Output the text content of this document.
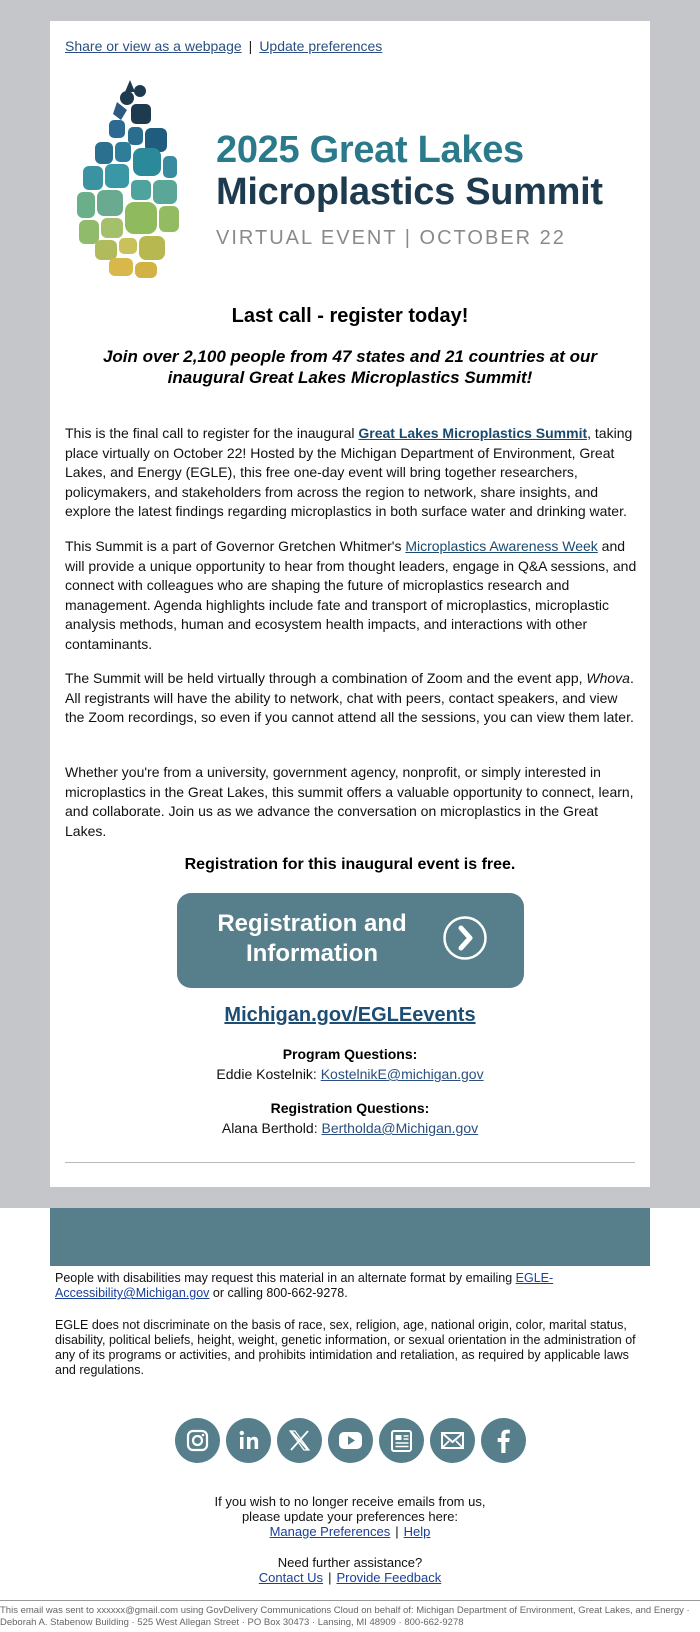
Share or view as a webpage | Update preferences
2025 Great Lakes
Microplastics Summit
VIRTUAL EVENT | OCTOBER 22
Last call - register today!
Join over 2,100 people from 47 states and 21 countries at our inaugural Great Lakes Microplastics Summit!

This is the final call to register for the inaugural Great Lakes Microplastics Summit, taking place virtually on October 22! Hosted by the Michigan Department of Environment, Great Lakes, and Energy (EGLE), this free one-day event will bring together researchers, policymakers, and stakeholders from across the region to network, share insights, and explore the latest findings regarding microplastics in both surface water and drinking water.

This Summit is a part of Governor Gretchen Whitmer's Microplastics Awareness Week and will provide a unique opportunity to hear from thought leaders, engage in Q&A sessions, and connect with colleagues who are shaping the future of microplastics research and management. Agenda highlights include fate and transport of microplastics, microplastic analysis methods, human and ecosystem health impacts, and interactions with other contaminants.

The Summit will be held virtually through a combination of Zoom and the event app, Whova. All registrants will have the ability to network, chat with peers, contact speakers, and view the Zoom recordings, so even if you cannot attend all the sessions, you can view them later.

Whether you're from a university, government agency, nonprofit, or simply interested in microplastics in the Great Lakes, this summit offers a valuable opportunity to connect, learn, and collaborate. Join us as we advance the conversation on microplastics in the Great Lakes.

Registration for this inaugural event is free.
Registration and
Information
Michigan.gov/EGLEevents
Program Questions:
Eddie Kostelnik: KostelnikE@michigan.gov
Registration Questions:
Alana Berthold: Bertholda@Michigan.gov

People with disabilities may request this material in an alternate format by emailing EGLE-Accessibility@Michigan.gov or calling 800-662-9278.

EGLE does not discriminate on the basis of race, sex, religion, age, national origin, color, marital status, disability, political beliefs, height, weight, genetic information, or sexual orientation in the administration of any of its programs or activities, and prohibits intimidation and retaliation, as required by applicable laws and regulations.

If you wish to no longer receive emails from us,
please update your preferences here:
Manage Preferences | Help
Need further assistance?
Contact Us | Provide Feedback
This email was sent to xxxxxx@gmail.com using GovDelivery Communications Cloud on behalf of: Michigan Department of Environment, Great Lakes, and Energy · Deborah A. Stabenow Building · 525 West Allegan Street · PO Box 30473 · Lansing, MI 48909 · 800-662-9278
